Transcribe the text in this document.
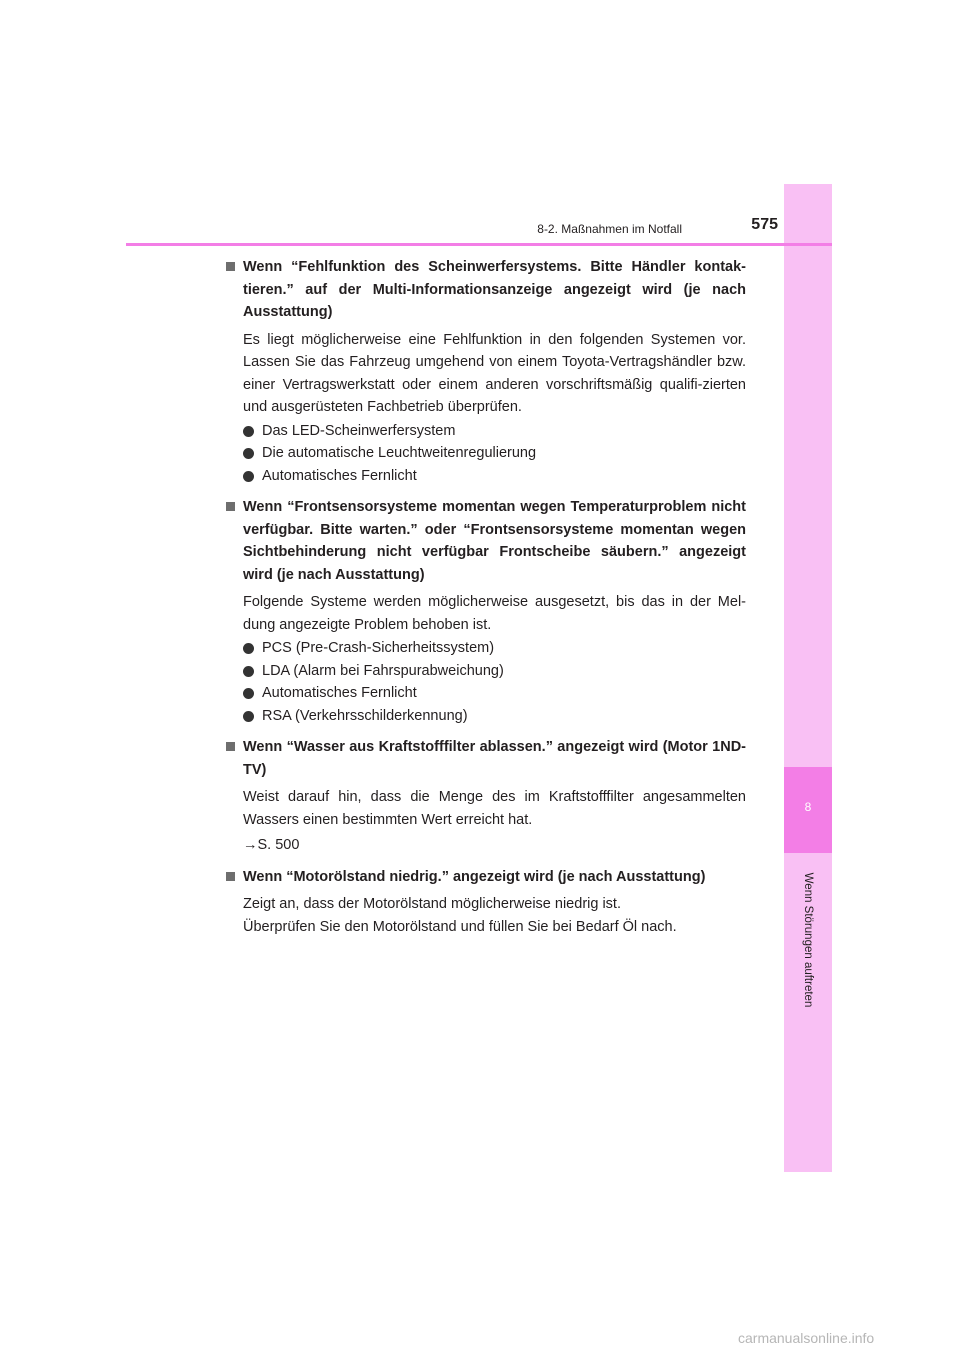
8
Wenn Störungen auftreten
8-2. Maßnahmen im Notfall	575
Wenn “Fehlfunktion des Scheinwerfersystems. Bitte Händler kontak-tieren.” auf der Multi-Informationsanzeige angezeigt wird (je nach Ausstattung)
Es liegt möglicherweise eine Fehlfunktion in den folgenden Systemen vor. Lassen Sie das Fahrzeug umgehend von einem Toyota-Vertragshändler bzw. einer Vertragswerkstatt oder einem anderen vorschriftsmäßig qualifi-zierten und ausgerüsteten Fachbetrieb überprüfen.
Das LED-Scheinwerfersystem
Die automatische Leuchtweitenregulierung
Automatisches Fernlicht
Wenn “Frontsensorsysteme momentan wegen Temperaturproblem nicht verfügbar. Bitte warten.” oder “Frontsensorsysteme momentan wegen Sichtbehinderung nicht verfügbar Frontscheibe säubern.” angezeigt wird (je nach Ausstattung)
Folgende Systeme werden möglicherweise ausgesetzt, bis das in der Mel-dung angezeigte Problem behoben ist.
PCS (Pre-Crash-Sicherheitssystem)
LDA (Alarm bei Fahrspurabweichung)
Automatisches Fernlicht
RSA (Verkehrsschilderkennung)
Wenn “Wasser aus Kraftstofffilter ablassen.” angezeigt wird (Motor 1ND-TV)
Weist darauf hin, dass die Menge des im Kraftstofffilter angesammelten Wassers einen bestimmten Wert erreicht hat.
→S. 500
Wenn “Motorölstand niedrig.” angezeigt wird (je nach Ausstattung)
Zeigt an, dass der Motorölstand möglicherweise niedrig ist.
Überprüfen Sie den Motorölstand und füllen Sie bei Bedarf Öl nach.
carmanualsonline.info
